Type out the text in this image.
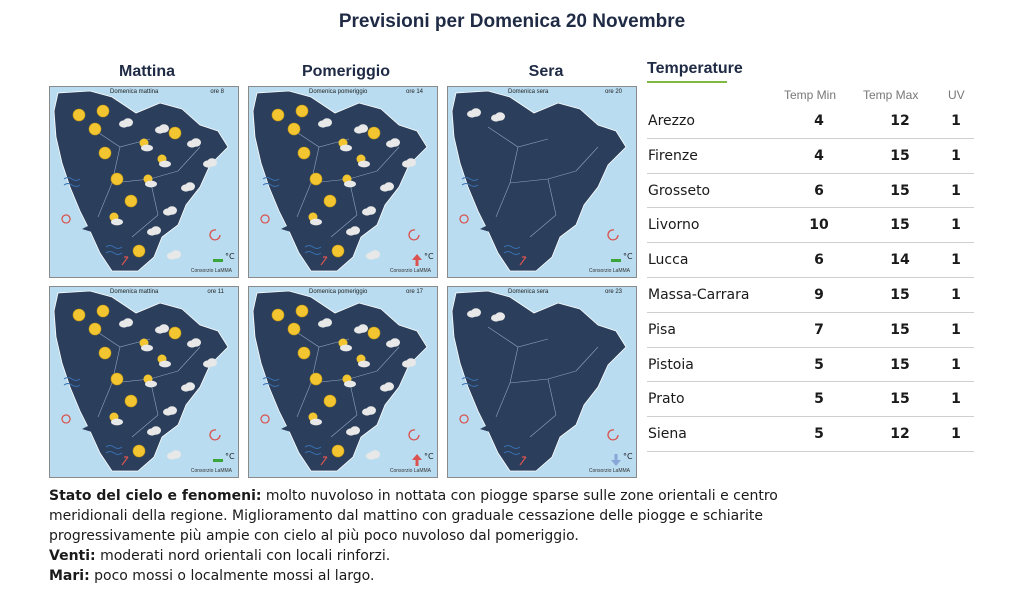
Previsioni per Domenica 20 Novembre
Mattina	Pomeriggio	Sera
Domenica mattina	ore 8
Consorzio LaMMA
°C
Domenica pomeriggio	ore 14
Consorzio LaMMA
°C
Domenica sera	ore 20
Consorzio LaMMA
°C
Domenica mattina	ore 11
Consorzio LaMMA
°C
Domenica pomeriggio	ore 17
Consorzio LaMMA
°C
Domenica sera	ore 23
Consorzio LaMMA
°C
Temperature
Temp Min Temp Max UV
Arezzo	4	12	1
Firenze	4	15	1
Grosseto	6	15	1
Livorno	10	15	1
Lucca	6	14	1
Massa-Carrara	9	15	1
Pisa	7	15	1
Pistoia	5	15	1
Prato	5	15	1
Siena	5	12	1
Stato del cielo e fenomeni: molto nuvoloso in nottata con piogge sparse sulle zone orientali e centro
meridionali della regione. Miglioramento dal mattino con graduale cessazione delle piogge e schiarite
progressivamente più ampie con cielo al più poco nuvoloso dal pomeriggio.
Venti: moderati nord orientali con locali rinforzi.
Mari: poco mossi o localmente mossi al largo.
